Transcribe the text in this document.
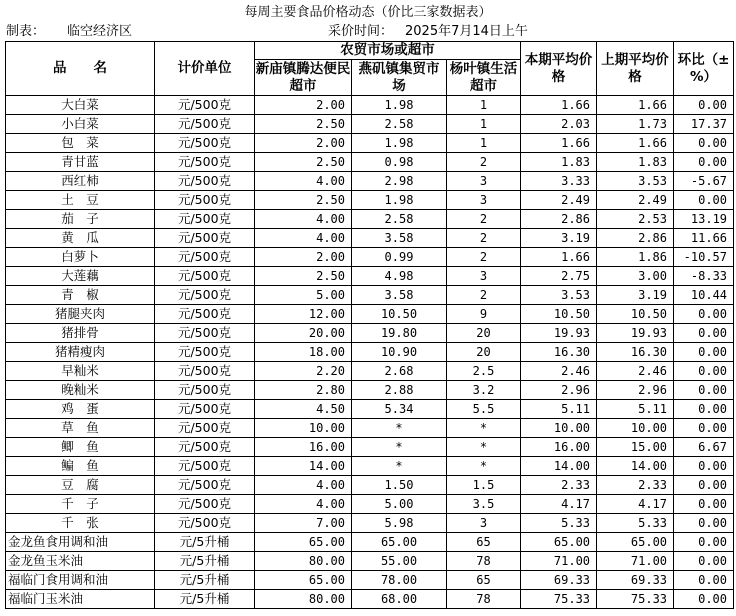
每周主要食品价格动态（价比三家数据表）
制表： 临空经济区	采价时间： 2025年7月14日上午
品　　名	计价单位	农贸市场或超市			本期平均价格	上期平均价格	环比（±%）
		新庙镇腾达便民超市	燕矶镇集贸市场	杨叶镇生活超市			
大白菜	元/500克	2.00	1.98	1	1.66	1.66	0.00
小白菜	元/500克	2.50	2.58	1	2.03	1.73	17.37
包　菜	元/500克	2.00	1.98	1	1.66	1.66	0.00
青甘蓝	元/500克	2.50	0.98	2	1.83	1.83	0.00
西红柿	元/500克	4.00	2.98	3	3.33	3.53	-5.67
土　豆	元/500克	2.50	1.98	3	2.49	2.49	0.00
茄　子	元/500克	4.00	2.58	2	2.86	2.53	13.19
黄　瓜	元/500克	4.00	3.58	2	3.19	2.86	11.66
白萝卜	元/500克	2.00	0.99	2	1.66	1.86	-10.57
大莲藕	元/500克	2.50	4.98	3	2.75	3.00	-8.33
青　椒	元/500克	5.00	3.58	2	3.53	3.19	10.44
猪腿夹肉	元/500克	12.00	10.50	9	10.50	10.50	0.00
猪排骨	元/500克	20.00	19.80	20	19.93	19.93	0.00
猪精瘦肉	元/500克	18.00	10.90	20	16.30	16.30	0.00
早籼米	元/500克	2.20	2.68	2.5	2.46	2.46	0.00
晚籼米	元/500克	2.80	2.88	3.2	2.96	2.96	0.00
鸡　蛋	元/500克	4.50	5.34	5.5	5.11	5.11	0.00
草　鱼	元/500克	10.00	*	*	10.00	10.00	0.00
鲫　鱼	元/500克	16.00	*	*	16.00	15.00	6.67
鳊　鱼	元/500克	14.00	*	*	14.00	14.00	0.00
豆　腐	元/500克	4.00	1.50	1.5	2.33	2.33	0.00
千　子	元/500克	4.00	5.00	3.5	4.17	4.17	0.00
千　张	元/500克	7.00	5.98	3	5.33	5.33	0.00
金龙鱼食用调和油	元/5升桶	65.00	65.00	65	65.00	65.00	0.00
金龙鱼玉米油	元/5升桶	80.00	55.00	78	71.00	71.00	0.00
福临门食用调和油	元/5升桶	65.00	78.00	65	69.33	69.33	0.00
福临门玉米油	元/5升桶	80.00	68.00	78	75.33	75.33	0.00
